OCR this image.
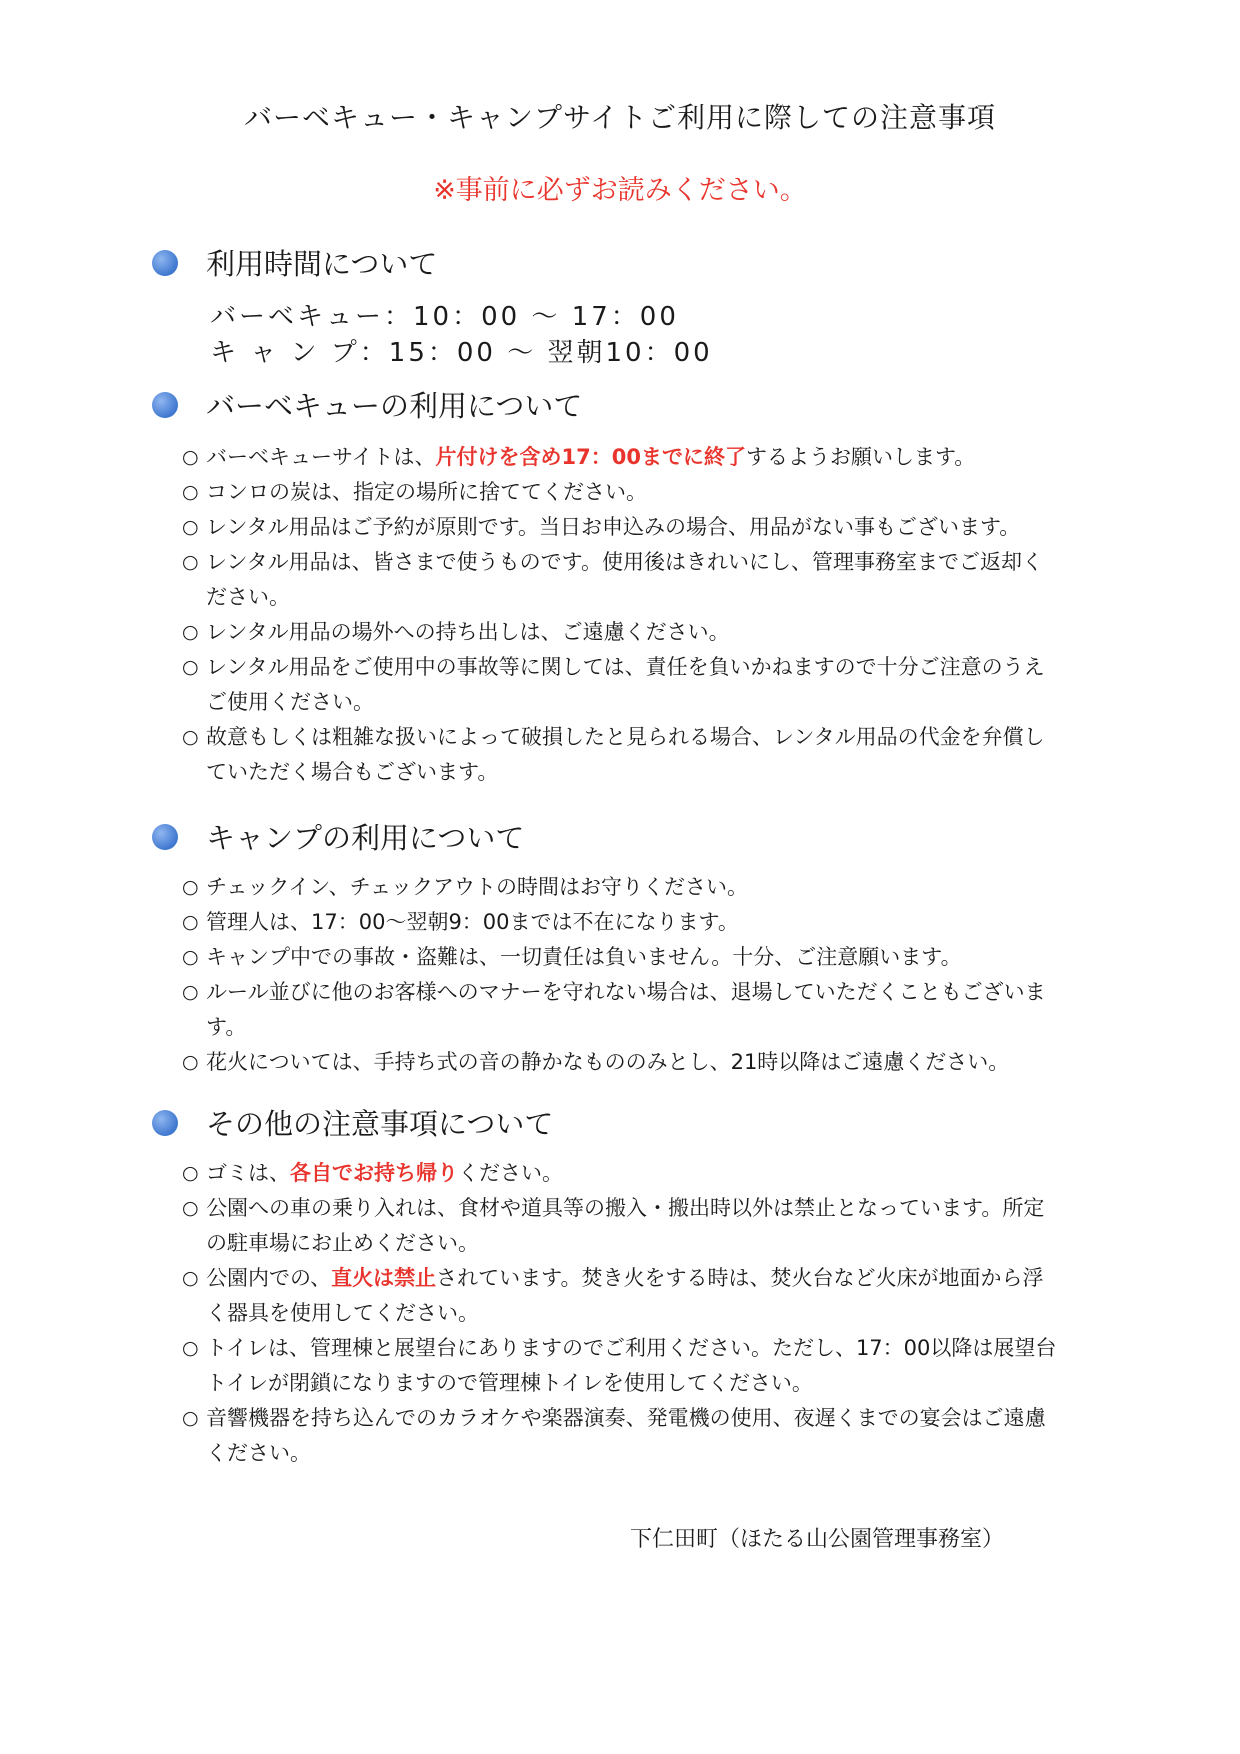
バーベキュー・キャンプサイトご利用に際しての注意事項
※事前に必ずお読みください。
利用時間について
バーベキュー：10：00 ～ 17：00
キ ャ ン プ：15：00 ～ 翌朝10：00
バーベキューの利用について
○ バーベキューサイトは、片付けを含め17：00までに終了するようお願いします。
○ コンロの炭は、指定の場所に捨ててください。
○ レンタル用品はご予約が原則です。当日お申込みの場合、用品がない事もございます。
○ レンタル用品は、皆さまで使うものです。使用後はきれいにし、管理事務室までご返却ください。
○ レンタル用品の場外への持ち出しは、ご遠慮ください。
○ レンタル用品をご使用中の事故等に関しては、責任を負いかねますので十分ご注意のうえご使用ください。
○ 故意もしくは粗雑な扱いによって破損したと見られる場合、レンタル用品の代金を弁償していただく場合もございます。
キャンプの利用について
○ チェックイン、チェックアウトの時間はお守りください。
○ 管理人は、17：00～翌朝9：00までは不在になります。
○ キャンプ中での事故・盗難は、一切責任は負いません。十分、ご注意願います。
○ ルール並びに他のお客様へのマナーを守れない場合は、退場していただくこともございます。
○ 花火については、手持ち式の音の静かなもののみとし、21時以降はご遠慮ください。
その他の注意事項について
○ ゴミは、各自でお持ち帰りください。
○ 公園への車の乗り入れは、食材や道具等の搬入・搬出時以外は禁止となっています。所定の駐車場にお止めください。
○ 公園内での、直火は禁止されています。焚き火をする時は、焚火台など火床が地面から浮く器具を使用してください。
○ トイレは、管理棟と展望台にありますのでご利用ください。ただし、17：00以降は展望台トイレが閉鎖になりますので管理棟トイレを使用してください。
○ 音響機器を持ち込んでのカラオケや楽器演奏、発電機の使用、夜遅くまでの宴会はご遠慮ください。
下仁田町（ほたる山公園管理事務室）
